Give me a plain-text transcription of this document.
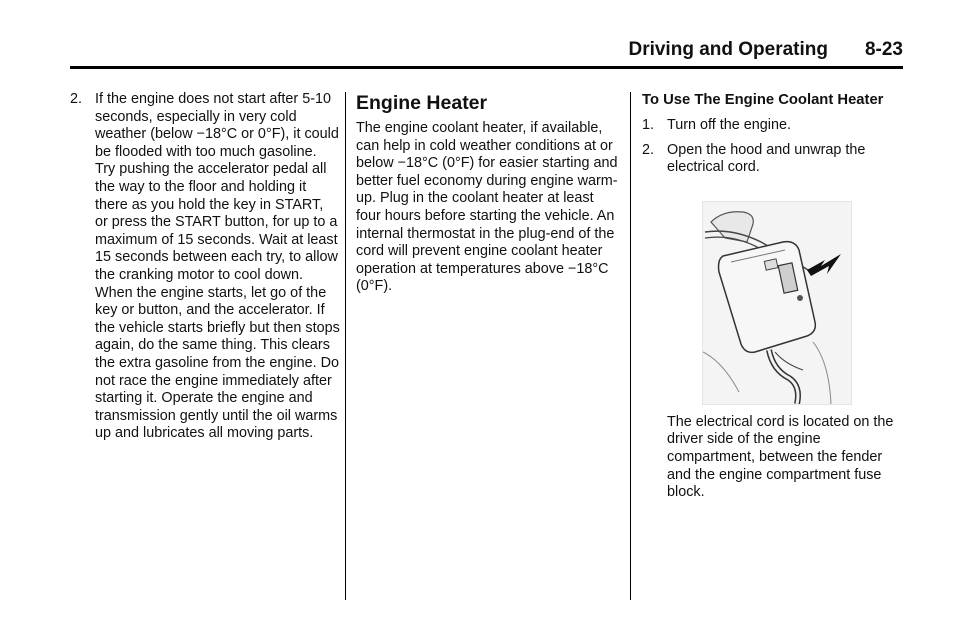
Driving and Operating 8-23
2. If the engine does not start after 5-10 seconds, especially in very cold weather (below −18°C or 0°F), it could be flooded with too much gasoline. Try pushing the accelerator pedal all the way to the floor and holding it there as you hold the key in START, or press the START button, for up to a maximum of 15 seconds. Wait at least 15 seconds between each try, to allow the cranking motor to cool down. When the engine starts, let go of the key or button, and the accelerator. If the vehicle starts briefly but then stops again, do the same thing. This clears the extra gasoline from the engine. Do not race the engine immediately after starting it. Operate the engine and transmission gently until the oil warms up and lubricates all moving parts.
Engine Heater
The engine coolant heater, if available, can help in cold weather conditions at or below −18°C (0°F) for easier starting and better fuel economy during engine warm-up. Plug in the coolant heater at least four hours before starting the vehicle. An internal thermostat in the plug-end of the cord will prevent engine coolant heater operation at temperatures above −18°C (0°F).
To Use The Engine Coolant Heater
1. Turn off the engine.
2. Open the hood and unwrap the electrical cord.
The electrical cord is located on the driver side of the engine compartment, between the fender and the engine compartment fuse block.
